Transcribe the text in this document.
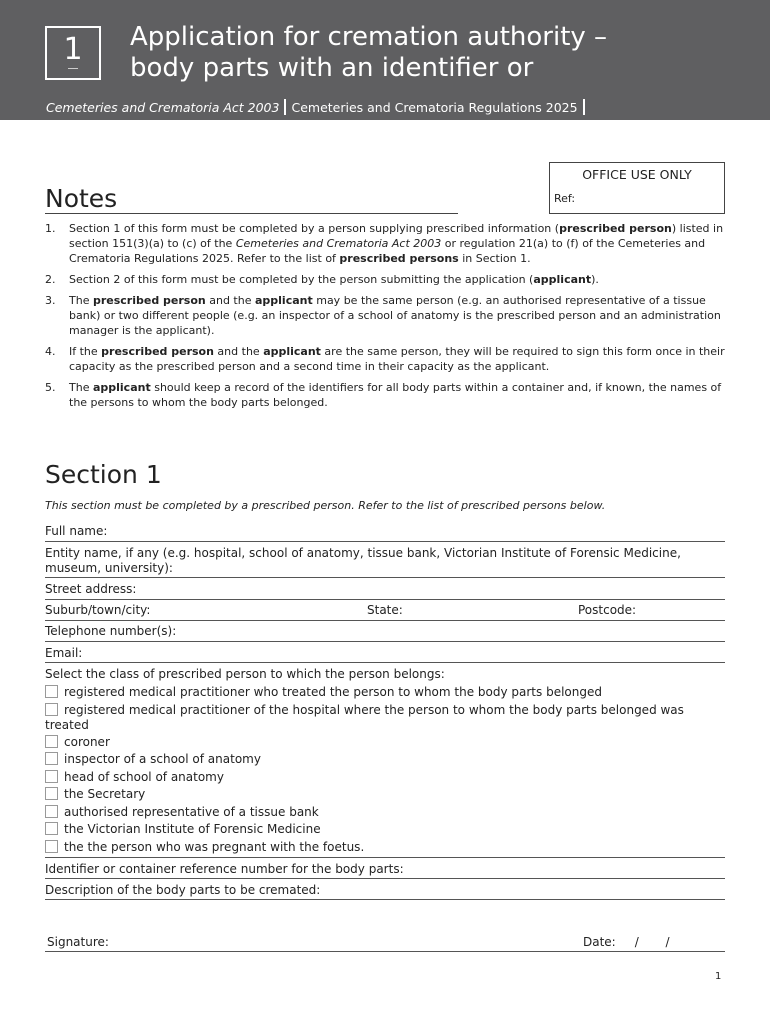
1	Application for cremation authority –
body parts with an identifier or
Cemeteries and Crematoria Act 2003 Cemeteries and Crematoria Regulations 2025
OFFICE USE ONLY
Ref:
Notes
1. Section 1 of this form must be completed by a person supplying prescribed information (prescribed person) listed in section 151(3)(a) to (c) of the Cemeteries and Crematoria Act 2003 or regulation 21(a) to (f) of the Cemeteries and Crematoria Regulations 2025. Refer to the list of prescribed persons in Section 1.
2. Section 2 of this form must be completed by the person submitting the application (applicant).
3. The prescribed person and the applicant may be the same person (e.g. an authorised representative of a tissue bank) or two different people (e.g. an inspector of a school of anatomy is the prescribed person and an administration manager is the applicant).
4. If the prescribed person and the applicant are the same person, they will be required to sign this form once in their capacity as the prescribed person and a second time in their capacity as the applicant.
5. The applicant should keep a record of the identifiers for all body parts within a container and, if known, the names of the persons to whom the body parts belonged.
Section 1
This section must be completed by a prescribed person. Refer to the list of prescribed persons below.
Full name:
Entity name, if any (e.g. hospital, school of anatomy, tissue bank, Victorian Institute of Forensic Medicine, museum, university):
Street address:
Suburb/town/city:	State:	Postcode:
Telephone number(s):
Email:
Select the class of prescribed person to which the person belongs:
registered medical practitioner who treated the person to whom the body parts belonged
registered medical practitioner of the hospital where the person to whom the body parts belonged was treated
coroner
inspector of a school of anatomy
head of school of anatomy
the Secretary
authorised representative of a tissue bank
the Victorian Institute of Forensic Medicine
the the person who was pregnant with the foetus.
Identifier or container reference number for the body parts:
Description of the body parts to be cremated:
Signature:	Date:     /       /
1
